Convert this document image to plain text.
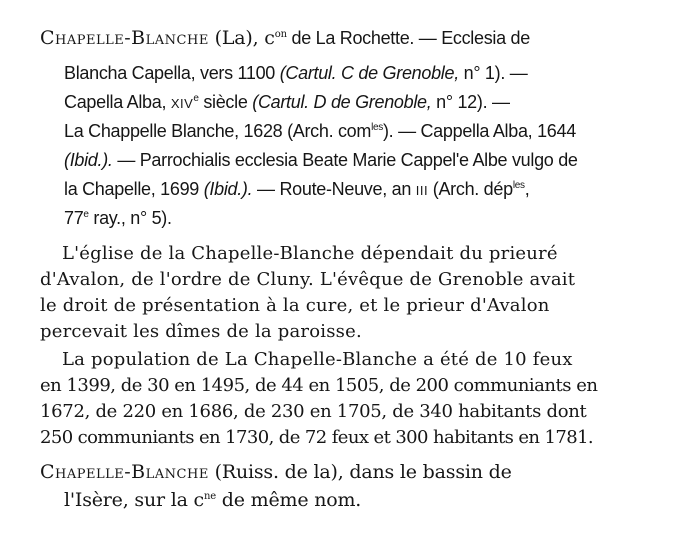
Chapelle-Blanche (La), $c^{on}$ de La Rochette. — Ecclesia de
Blancha Capella, vers 1100 (Cartul. C de Grenoble, n° 1). —
Capella Alba, xiv$^e$ siècle (Cartul. D de Grenoble, n° 12). —
La Chappelle Blanche, 1628 (Arch. com$^{les}$). — Cappella Alba, 1644
(Ibid.). — Parrochialis ecclesia Beate Marie Cappel'e Albe vulgo de
la Chapelle, 1699 (Ibid.). — Route-Neuve, an iii (Arch. dép$^{les}$,
77e ray., n° 5).
L'église de la Chapelle-Blanche dépendait du prieuré
d'Avalon, de l'ordre de Cluny. L'évêque de Grenoble avait
le droit de présentation à la cure, et le prieur d'Avalon
percevait les dîmes de la paroisse.
La population de La Chapelle-Blanche a été de 10 feux
en 1399, de 30 en 1495, de 44 en 1505, de 200 communiants en
1672, de 220 en 1686, de 230 en 1705, de 340 habitants dont
250 communiants en 1730, de 72 feux et 300 habitants en 1781.
Chapelle-Blanche (Ruiss. de la), dans le bassin de
l'Isère, sur la $c^{ne}$ de même nom.
